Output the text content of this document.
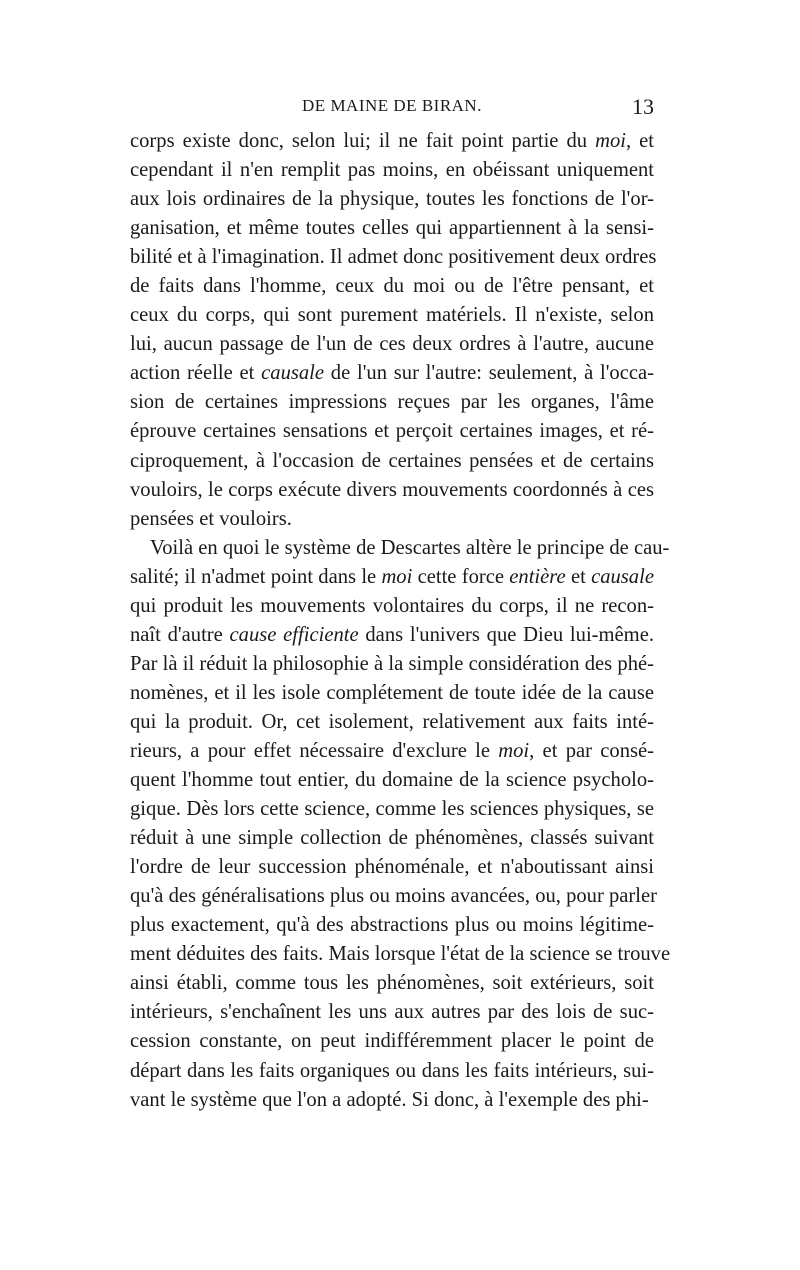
DE MAINE DE BIRAN.	13
corps existe donc, selon lui; il ne fait point partie du moi, et
cependant il n'en remplit pas moins, en obéissant uniquement
aux lois ordinaires de la physique, toutes les fonctions de l'or-
ganisation, et même toutes celles qui appartiennent à la sensi-
bilité et à l'imagination. Il admet donc positivement deux ordres
de faits dans l'homme, ceux du moi ou de l'être pensant, et
ceux du corps, qui sont purement matériels. Il n'existe, selon
lui, aucun passage de l'un de ces deux ordres à l'autre, aucune
action réelle et causale de l'un sur l'autre: seulement, à l'occa-
sion de certaines impressions reçues par les organes, l'âme
éprouve certaines sensations et perçoit certaines images, et ré-
ciproquement, à l'occasion de certaines pensées et de certains
vouloirs, le corps exécute divers mouvements coordonnés à ces
pensées et vouloirs.
Voilà en quoi le système de Descartes altère le principe de cau-
salité; il n'admet point dans le moi cette force entière et causale
qui produit les mouvements volontaires du corps, il ne recon-
naît d'autre cause efficiente dans l'univers que Dieu lui-même.
Par là il réduit la philosophie à la simple considération des phé-
nomènes, et il les isole complétement de toute idée de la cause
qui la produit. Or, cet isolement, relativement aux faits inté-
rieurs, a pour effet nécessaire d'exclure le moi, et par consé-
quent l'homme tout entier, du domaine de la science psycholo-
gique. Dès lors cette science, comme les sciences physiques, se
réduit à une simple collection de phénomènes, classés suivant
l'ordre de leur succession phénoménale, et n'aboutissant ainsi
qu'à des généralisations plus ou moins avancées, ou, pour parler
plus exactement, qu'à des abstractions plus ou moins légitime-
ment déduites des faits. Mais lorsque l'état de la science se trouve
ainsi établi, comme tous les phénomènes, soit extérieurs, soit
intérieurs, s'enchaînent les uns aux autres par des lois de suc-
cession constante, on peut indifféremment placer le point de
départ dans les faits organiques ou dans les faits intérieurs, sui-
vant le système que l'on a adopté. Si donc, à l'exemple des phi-
